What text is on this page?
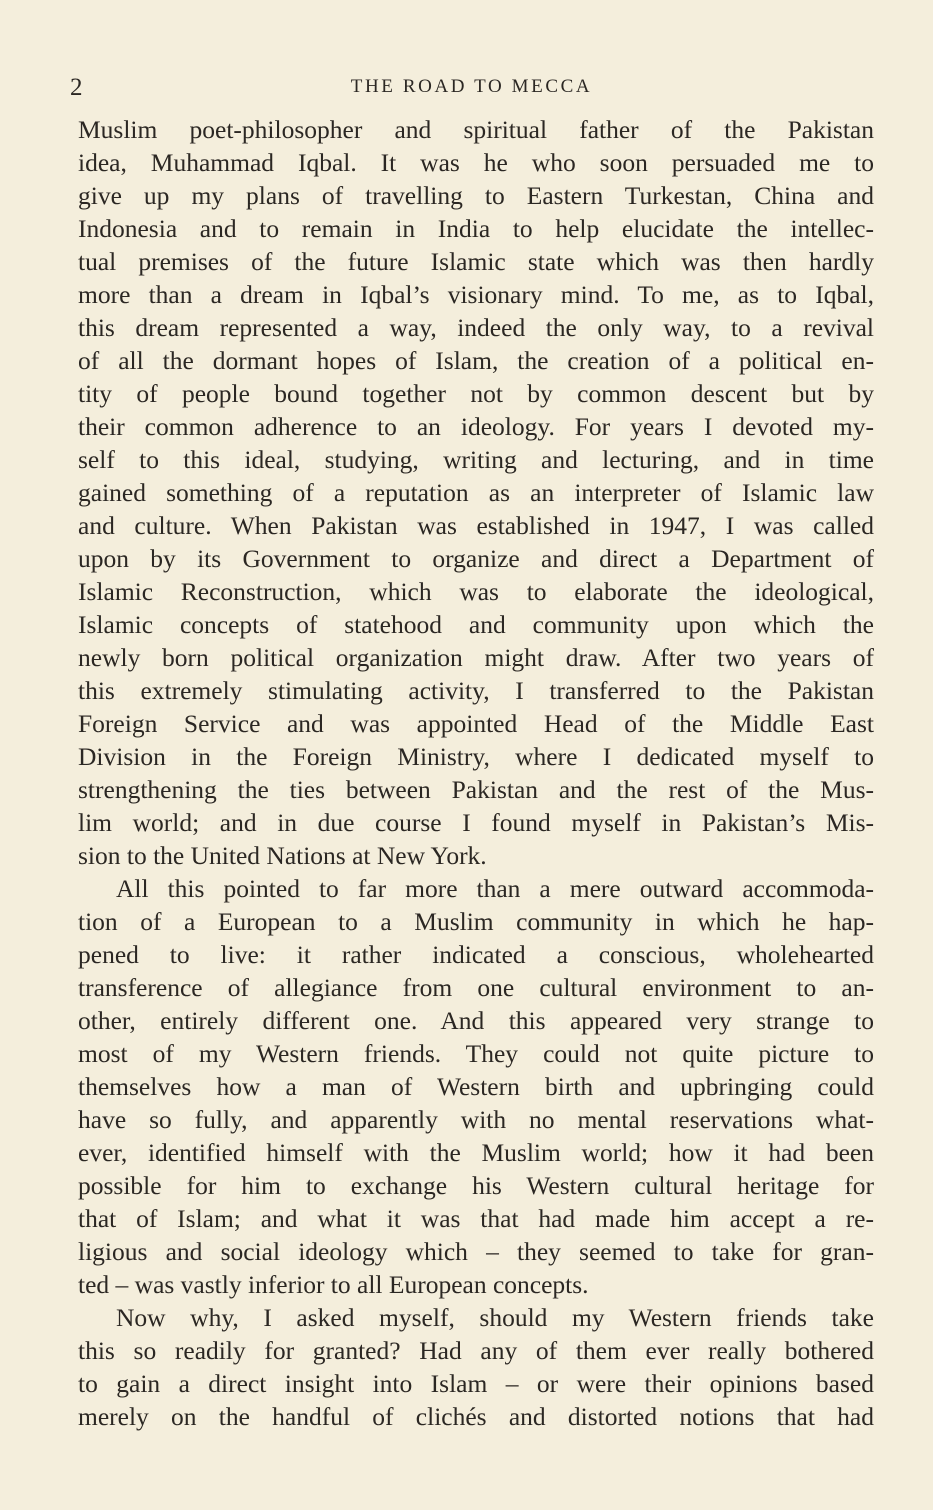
2	THE ROAD TO MECCA
Muslim poet-philosopher and spiritual father of the Pakistan
idea, Muhammad Iqbal. It was he who soon persuaded me to
give up my plans of travelling to Eastern Turkestan, China and
Indonesia and to remain in India to help elucidate the intellec-
tual premises of the future Islamic state which was then hardly
more than a dream in Iqbal’s visionary mind. To me, as to Iqbal,
this dream represented a way, indeed the only way, to a revival
of all the dormant hopes of Islam, the creation of a political en-
tity of people bound together not by common descent but by
their common adherence to an ideology. For years I devoted my-
self to this ideal, studying, writing and lecturing, and in time
gained something of a reputation as an interpreter of Islamic law
and culture. When Pakistan was established in 1947, I was called
upon by its Government to organize and direct a Department of
Islamic Reconstruction, which was to elaborate the ideological,
Islamic concepts of statehood and community upon which the
newly born political organization might draw. After two years of
this extremely stimulating activity, I transferred to the Pakistan
Foreign Service and was appointed Head of the Middle East
Division in the Foreign Ministry, where I dedicated myself to
strengthening the ties between Pakistan and the rest of the Mus-
lim world; and in due course I found myself in Pakistan’s Mis-
sion to the United Nations at New York.
All this pointed to far more than a mere outward accommoda-
tion of a European to a Muslim community in which he hap-
pened to live: it rather indicated a conscious, wholehearted
transference of allegiance from one cultural environment to an-
other, entirely different one. And this appeared very strange to
most of my Western friends. They could not quite picture to
themselves how a man of Western birth and upbringing could
have so fully, and apparently with no mental reservations what-
ever, identified himself with the Muslim world; how it had been
possible for him to exchange his Western cultural heritage for
that of Islam; and what it was that had made him accept a re-
ligious and social ideology which – they seemed to take for gran-
ted – was vastly inferior to all European concepts.
Now why, I asked myself, should my Western friends take
this so readily for granted? Had any of them ever really bothered
to gain a direct insight into Islam – or were their opinions based
merely on the handful of clichés and distorted notions that had
